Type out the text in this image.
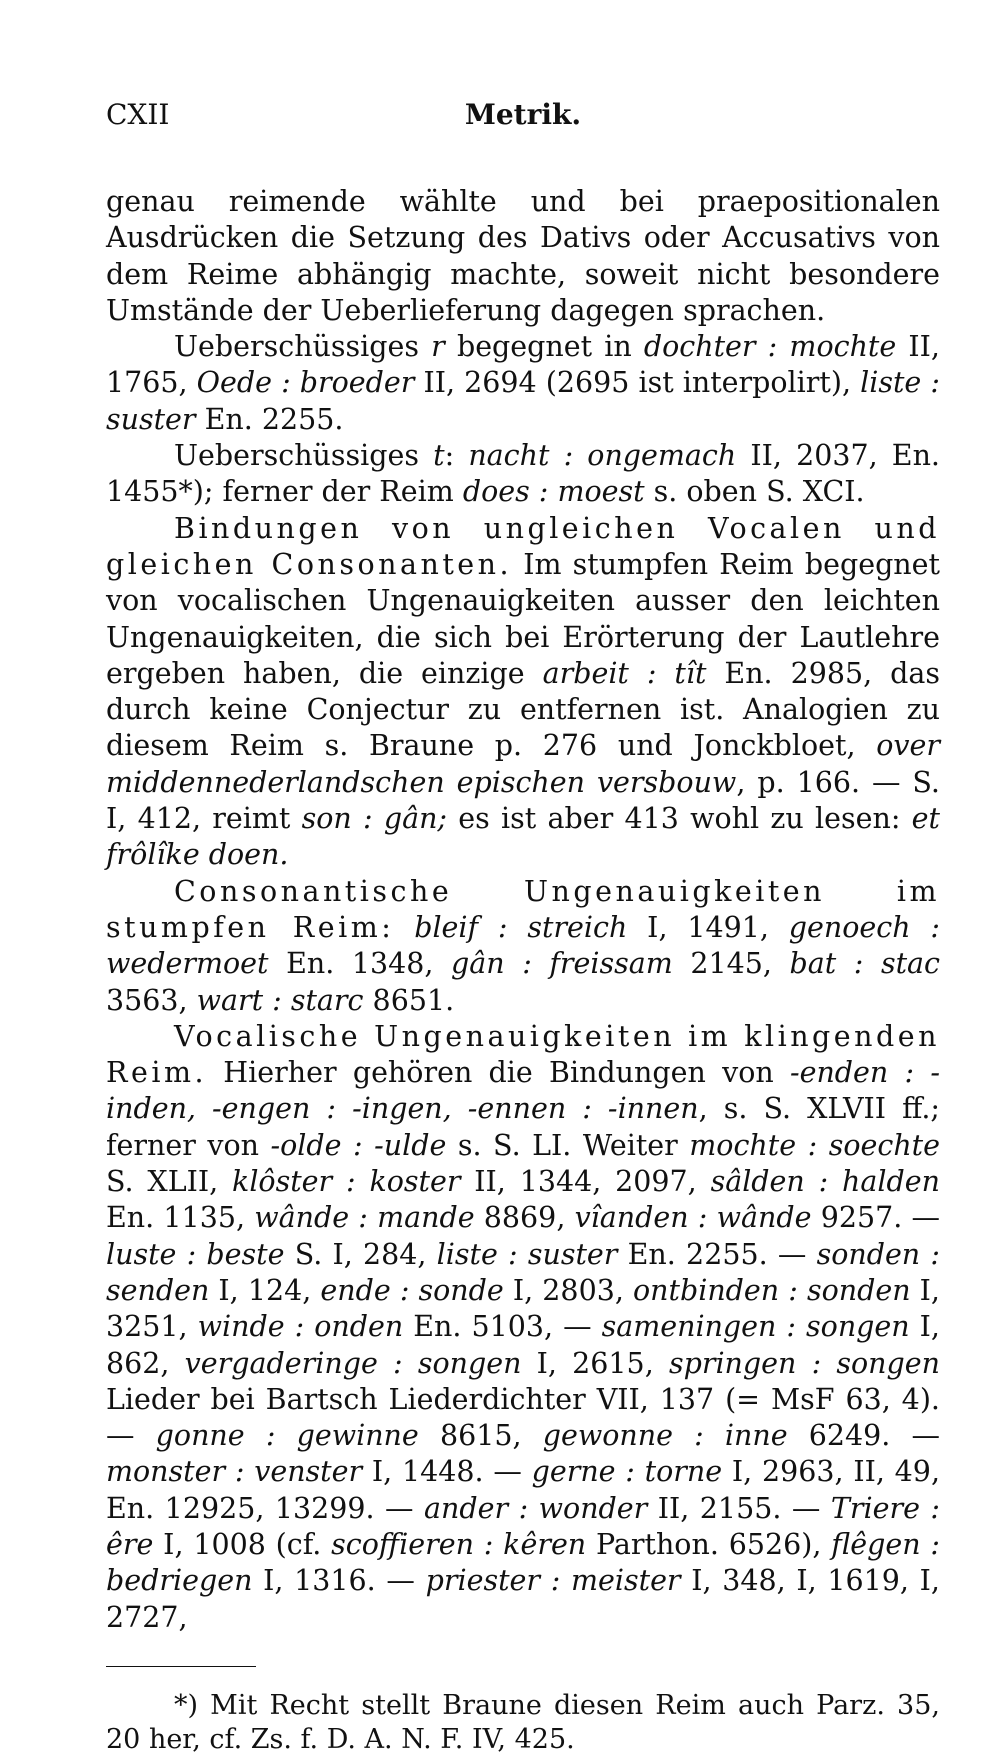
CXII	Metrik.

genau reimende wählte und bei praepositionalen Ausdrücken die Setzung des Dativs oder Accusativs von dem Reime abhängig machte, soweit nicht besondere Umstände der Ueberlieferung dagegen sprachen.

Ueberschüssiges r begegnet in dochter : mochte II, 1765, Oede : broeder II, 2694 (2695 ist interpolirt), liste : suster En. 2255.

Ueberschüssiges t: nacht : ongemach II, 2037, En. 1455*); ferner der Reim does : moest s. oben S. XCI.

Bindungen von ungleichen Vocalen und gleichen Consonanten. Im stumpfen Reim begegnet von vocalischen Ungenauigkeiten ausser den leichten Ungenauigkeiten, die sich bei Erörterung der Lautlehre ergeben haben, die einzige arbeit : tît En. 2985, das durch keine Conjectur zu entfernen ist. Analogien zu diesem Reim s. Braune p. 276 und Jonckbloet, over middennederlandschen epischen versbouw, p. 166. — S. I, 412, reimt son : gân; es ist aber 413 wohl zu lesen: et frôlîke doen.

Consonantische Ungenauigkeiten im stumpfen Reim: bleif : streich I, 1491, genoech : wedermoet En. 1348, gân : freissam 2145, bat : stac 3563, wart : starc 8651.

Vocalische Ungenauigkeiten im klingenden Reim. Hierher gehören die Bindungen von -enden : -inden, -engen : -ingen, -ennen : -innen, s. S. XLVII ff.; ferner von -olde : -ulde s. S. LI. Weiter mochte : soechte S. XLII, klôster : koster II, 1344, 2097, sâlden : halden En. 1135, wânde : mande 8869, vîanden : wânde 9257. — luste : beste S. I, 284, liste : suster En. 2255. — sonden : senden I, 124, ende : sonde I, 2803, ontbinden : sonden I, 3251, winde : onden En. 5103, — sameningen : songen I, 862, vergaderinge : songen I, 2615, springen : songen Lieder bei Bartsch Liederdichter VII, 137 (= MsF 63, 4). — gonne : gewinne 8615, gewonne : inne 6249. — monster : venster I, 1448. — gerne : torne I, 2963, II, 49, En. 12925, 13299. — ander : wonder II, 2155. — Triere : êre I, 1008 (cf. scoffieren : kêren Parthon. 6526), flêgen : bedriegen I, 1316. — priester : meister I, 348, I, 1619, I, 2727,

*) Mit Recht stellt Braune diesen Reim auch Parz. 35, 20 her, cf. Zs. f. D. A. N. F. IV, 425.
